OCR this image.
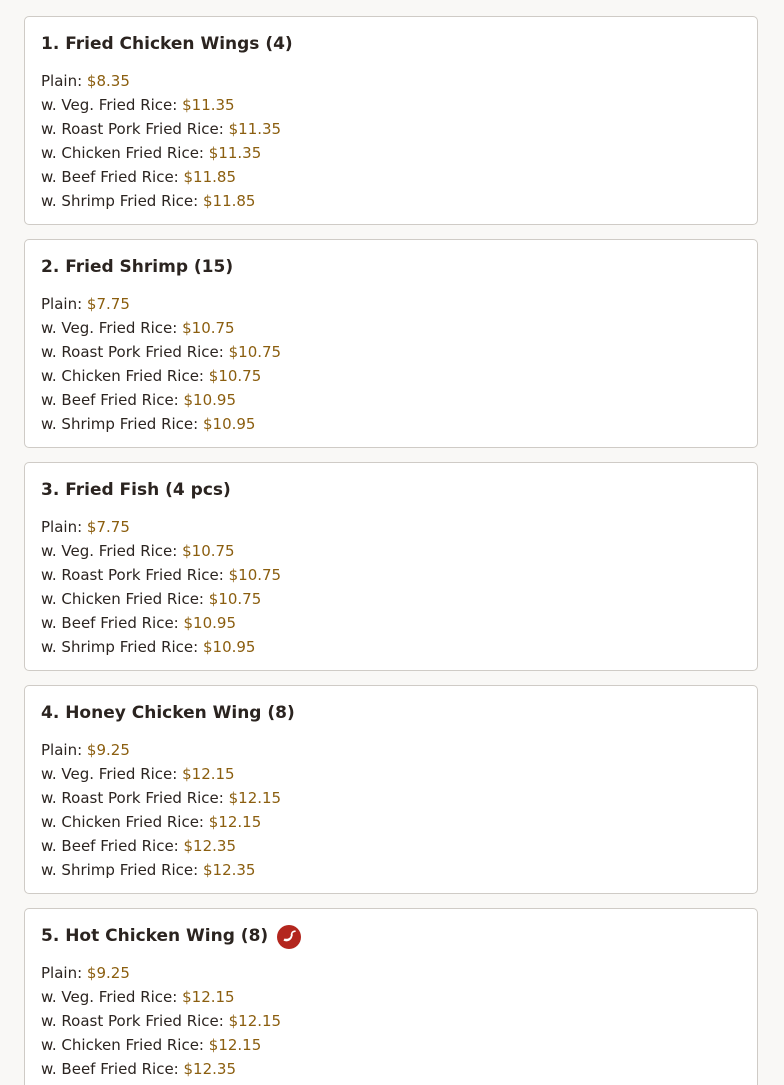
1. Fried Chicken Wings (4)
Plain: $8.35
w. Veg. Fried Rice: $11.35
w. Roast Pork Fried Rice: $11.35
w. Chicken Fried Rice: $11.35
w. Beef Fried Rice: $11.85
w. Shrimp Fried Rice: $11.85
2. Fried Shrimp (15)
Plain: $7.75
w. Veg. Fried Rice: $10.75
w. Roast Pork Fried Rice: $10.75
w. Chicken Fried Rice: $10.75
w. Beef Fried Rice: $10.95
w. Shrimp Fried Rice: $10.95
3. Fried Fish (4 pcs)
Plain: $7.75
w. Veg. Fried Rice: $10.75
w. Roast Pork Fried Rice: $10.75
w. Chicken Fried Rice: $10.75
w. Beef Fried Rice: $10.95
w. Shrimp Fried Rice: $10.95
4. Honey Chicken Wing (8)
Plain: $9.25
w. Veg. Fried Rice: $12.15
w. Roast Pork Fried Rice: $12.15
w. Chicken Fried Rice: $12.15
w. Beef Fried Rice: $12.35
w. Shrimp Fried Rice: $12.35
5. Hot Chicken Wing (8)
Plain: $9.25
w. Veg. Fried Rice: $12.15
w. Roast Pork Fried Rice: $12.15
w. Chicken Fried Rice: $12.15
w. Beef Fried Rice: $12.35
